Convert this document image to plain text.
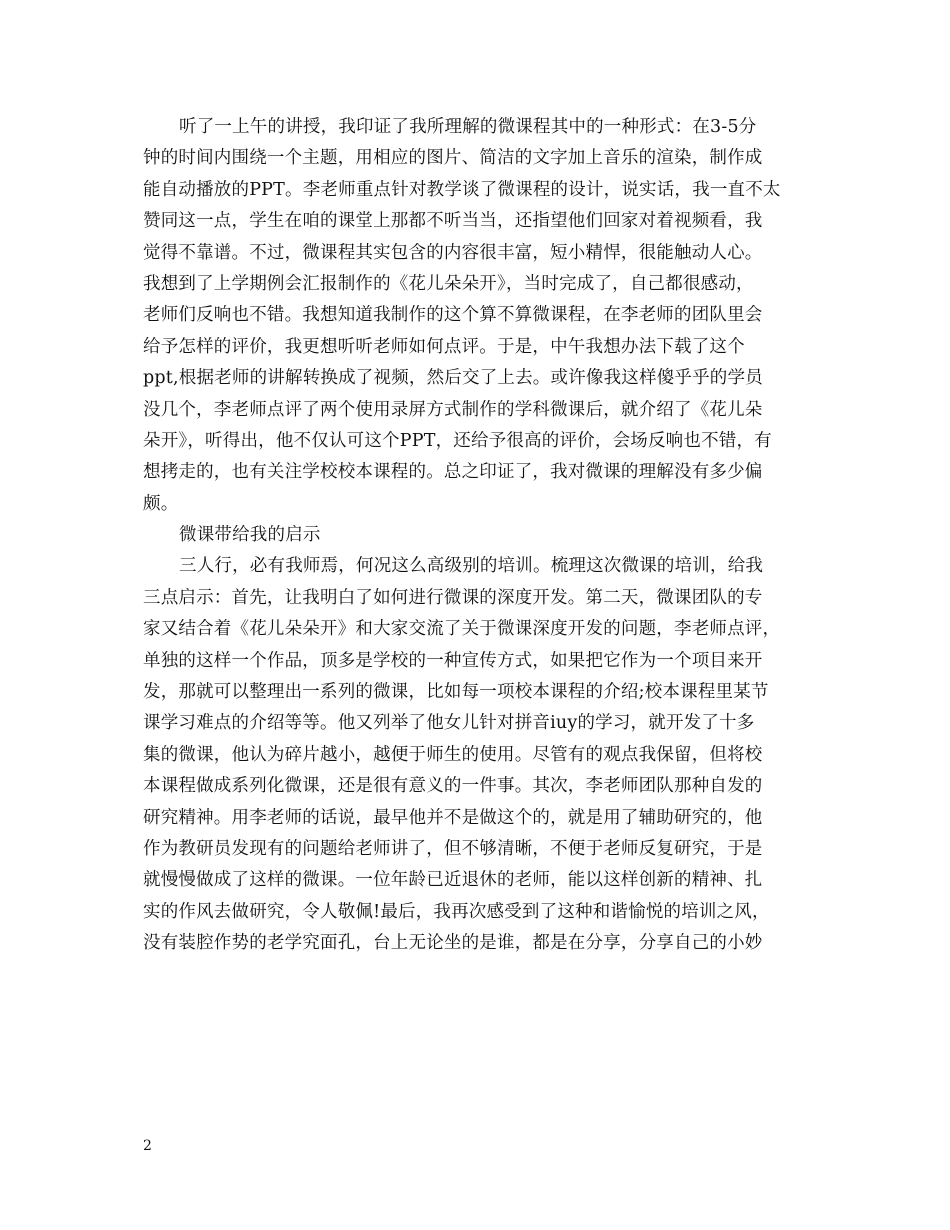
听了一上午的讲授，我印证了我所理解的微课程其中的一种形式：在3-5分
钟的时间内围绕一个主题，用相应的图片、简洁的文字加上音乐的渲染，制作成
能自动播放的PPT。李老师重点针对教学谈了微课程的设计，说实话，我一直不太
赞同这一点，学生在咱的课堂上那都不听当当，还指望他们回家对着视频看，我
觉得不靠谱。不过，微课程其实包含的内容很丰富，短小精悍，很能触动人心。
我想到了上学期例会汇报制作的《花儿朵朵开》，当时完成了，自己都很感动，
老师们反响也不错。我想知道我制作的这个算不算微课程，在李老师的团队里会
给予怎样的评价，我更想听听老师如何点评。于是，中午我想办法下载了这个
ppt,根据老师的讲解转换成了视频，然后交了上去。或许像我这样傻乎乎的学员
没几个，李老师点评了两个使用录屏方式制作的学科微课后，就介绍了《花儿朵
朵开》，听得出，他不仅认可这个PPT，还给予很高的评价，会场反响也不错，有
想拷走的，也有关注学校校本课程的。总之印证了，我对微课的理解没有多少偏
颇。
微课带给我的启示
三人行，必有我师焉，何况这么高级别的培训。梳理这次微课的培训，给我
三点启示：首先，让我明白了如何进行微课的深度开发。第二天，微课团队的专
家又结合着《花儿朵朵开》和大家交流了关于微课深度开发的问题，李老师点评，
单独的这样一个作品，顶多是学校的一种宣传方式，如果把它作为一个项目来开
发，那就可以整理出一系列的微课，比如每一项校本课程的介绍;校本课程里某节
课学习难点的介绍等等。他又列举了他女儿针对拼音iuy的学习，就开发了十多
集的微课，他认为碎片越小，越便于师生的使用。尽管有的观点我保留，但将校
本课程做成系列化微课，还是很有意义的一件事。其次，李老师团队那种自发的
研究精神。用李老师的话说，最早他并不是做这个的，就是用了辅助研究的，他
作为教研员发现有的问题给老师讲了，但不够清晰，不便于老师反复研究，于是
就慢慢做成了这样的微课。一位年龄已近退休的老师，能以这样创新的精神、扎
实的作风去做研究，令人敬佩!最后，我再次感受到了这种和谐愉悦的培训之风，
没有装腔作势的老学究面孔，台上无论坐的是谁，都是在分享，分享自己的小妙
2
